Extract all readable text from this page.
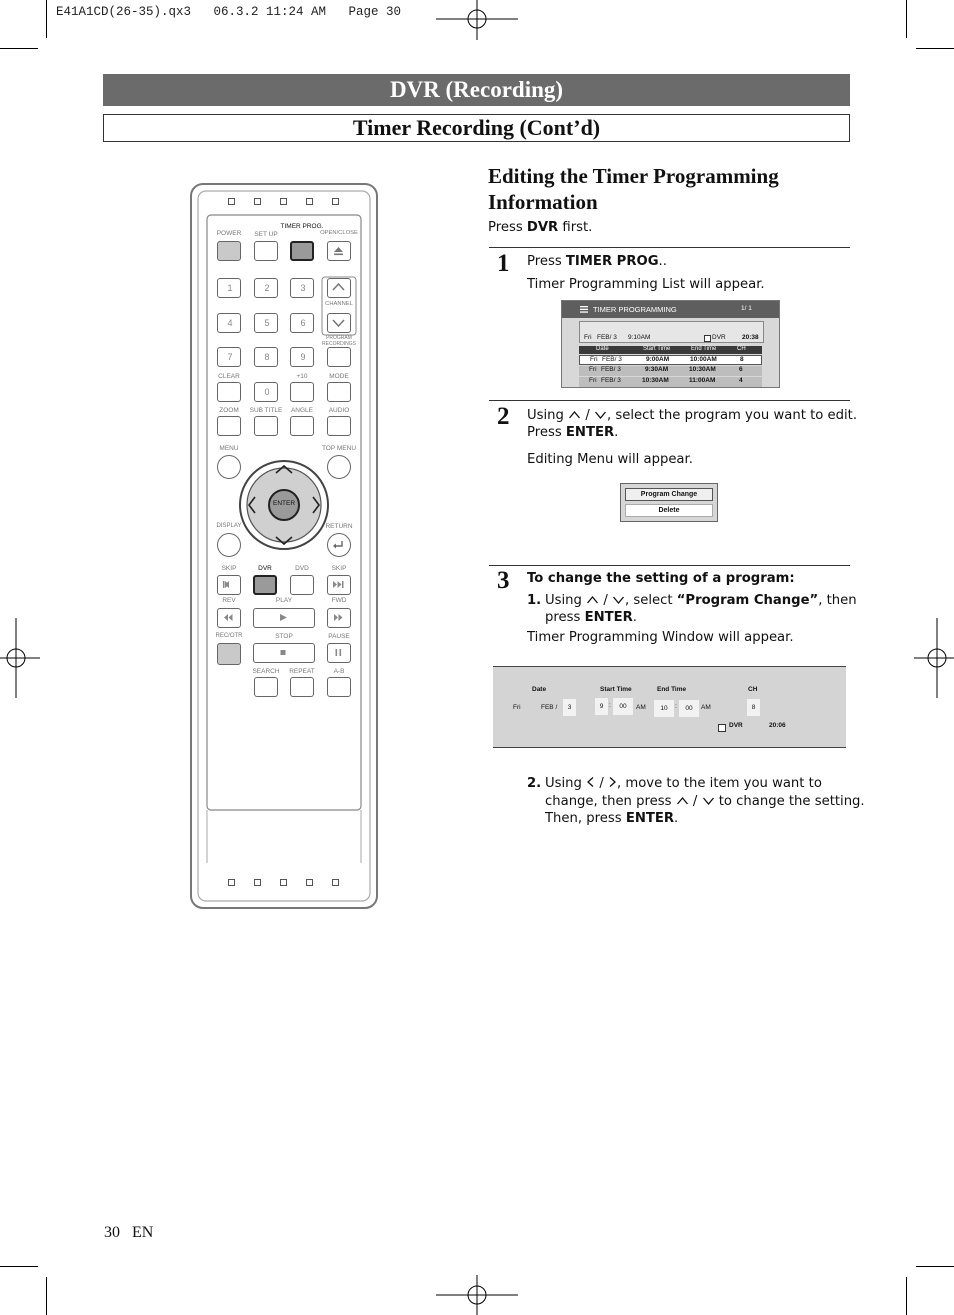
E41A1CD(26-35).qx3   06.3.2 11:24 AM   Page 30
DVR (Recording)
Timer Recording (Cont’d)
POWER	SET UP
TIMER PROG.
OPEN/CLOSE
1	2	3
CHANNEL
4	5	6
PROGRAM RECORDINGS
7	8	9
CLEAR	+10	MODE
0
ZOOM	SUB TITLE	ANGLE	AUDIO
MENU	TOP MENU
ENTER
DISPLAY	RETURN
SKIP	DVR	DVD	SKIP
REV	PLAY	FWD
REC/OTR	STOP	PAUSE
SEARCH	REPEAT	A-B
Editing the Timer Programming
Information
Press DVR first.
1 Press TIMER PROG..
Timer Programming List will appear.
TIMER PROGRAMMING	1/ 1
Fri FEB/ 3 9:10AM	DVR	20:38
Date	Start Time	End Time	CH
Fri FEB/ 3	9:00AM	10:00AM	8
Fri FEB/ 3	9:30AM	10:30AM	6
Fri FEB/ 3	10:30AM	11:00AM	4
2 Using / , select the program you want to edit.
Press ENTER.
Editing Menu will appear.
Program Change
Delete
3 To change the setting of a program:
1. Using / , select “Program Change”, then
press ENTER.
Timer Programming Window will appear.
Date	Start Time	End Time	CH
Fri	FEB /	3	9 :	00	AM	10	:	00	AM	8
DVR	20:06
2. Using / , move to the item you want to
change, then press /  to change the setting.
Then, press ENTER.
30 EN
